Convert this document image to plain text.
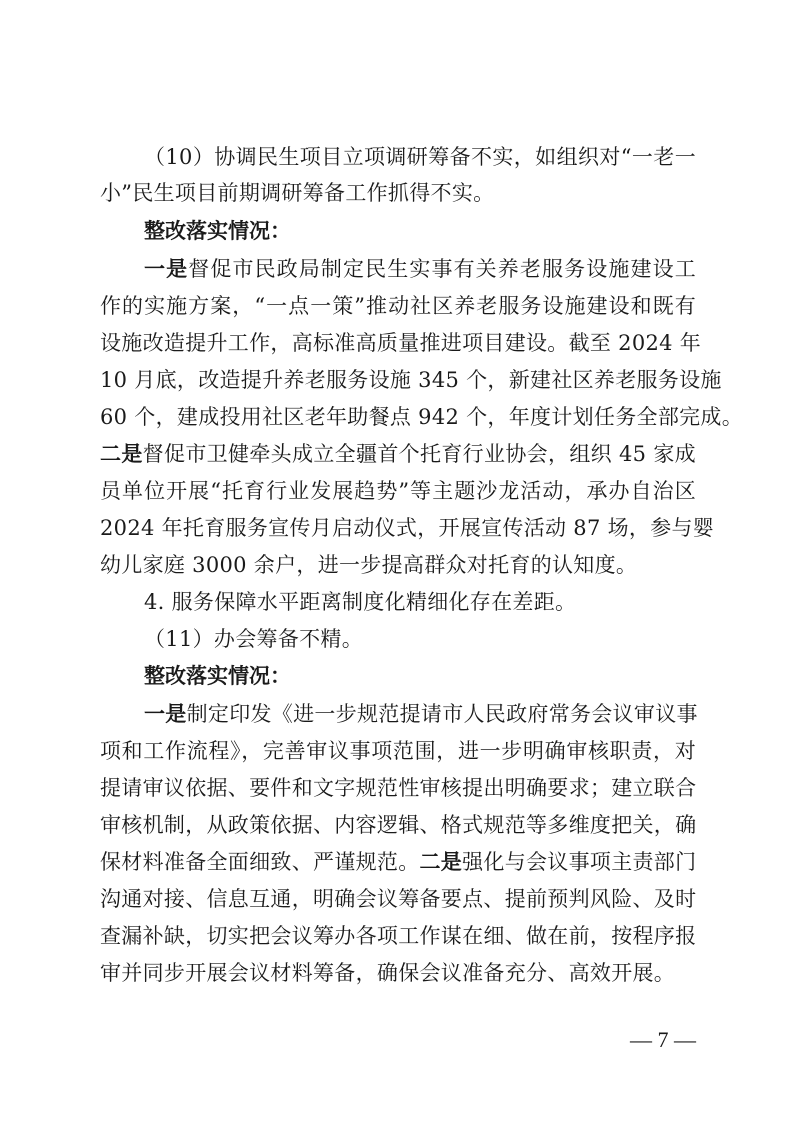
（10）协调民生项目立项调研筹备不实，如组织对“一老一
小”民生项目前期调研筹备工作抓得不实。
整改落实情况：
一是督促市民政局制定民生实事有关养老服务设施建设工
作的实施方案，“一点一策”推动社区养老服务设施建设和既有
设施改造提升工作，高标准高质量推进项目建设。截至 2024 年
10 月底，改造提升养老服务设施 345 个，新建社区养老服务设施
60 个，建成投用社区老年助餐点 942 个，年度计划任务全部完成。
二是督促市卫健牵头成立全疆首个托育行业协会，组织 45 家成
员单位开展“托育行业发展趋势”等主题沙龙活动，承办自治区
2024 年托育服务宣传月启动仪式，开展宣传活动 87 场，参与婴
幼儿家庭 3000 余户，进一步提高群众对托育的认知度。
4. 服务保障水平距离制度化精细化存在差距。
（11）办会筹备不精。
整改落实情况：
一是制定印发《进一步规范提请市人民政府常务会议审议事
项和工作流程》，完善审议事项范围，进一步明确审核职责，对
提请审议依据、要件和文字规范性审核提出明确要求；建立联合
审核机制，从政策依据、内容逻辑、格式规范等多维度把关，确
保材料准备全面细致、严谨规范。二是强化与会议事项主责部门
沟通对接、信息互通，明确会议筹备要点、提前预判风险、及时
查漏补缺，切实把会议筹办各项工作谋在细、做在前，按程序报
审并同步开展会议材料筹备，确保会议准备充分、高效开展。
— 7 —
